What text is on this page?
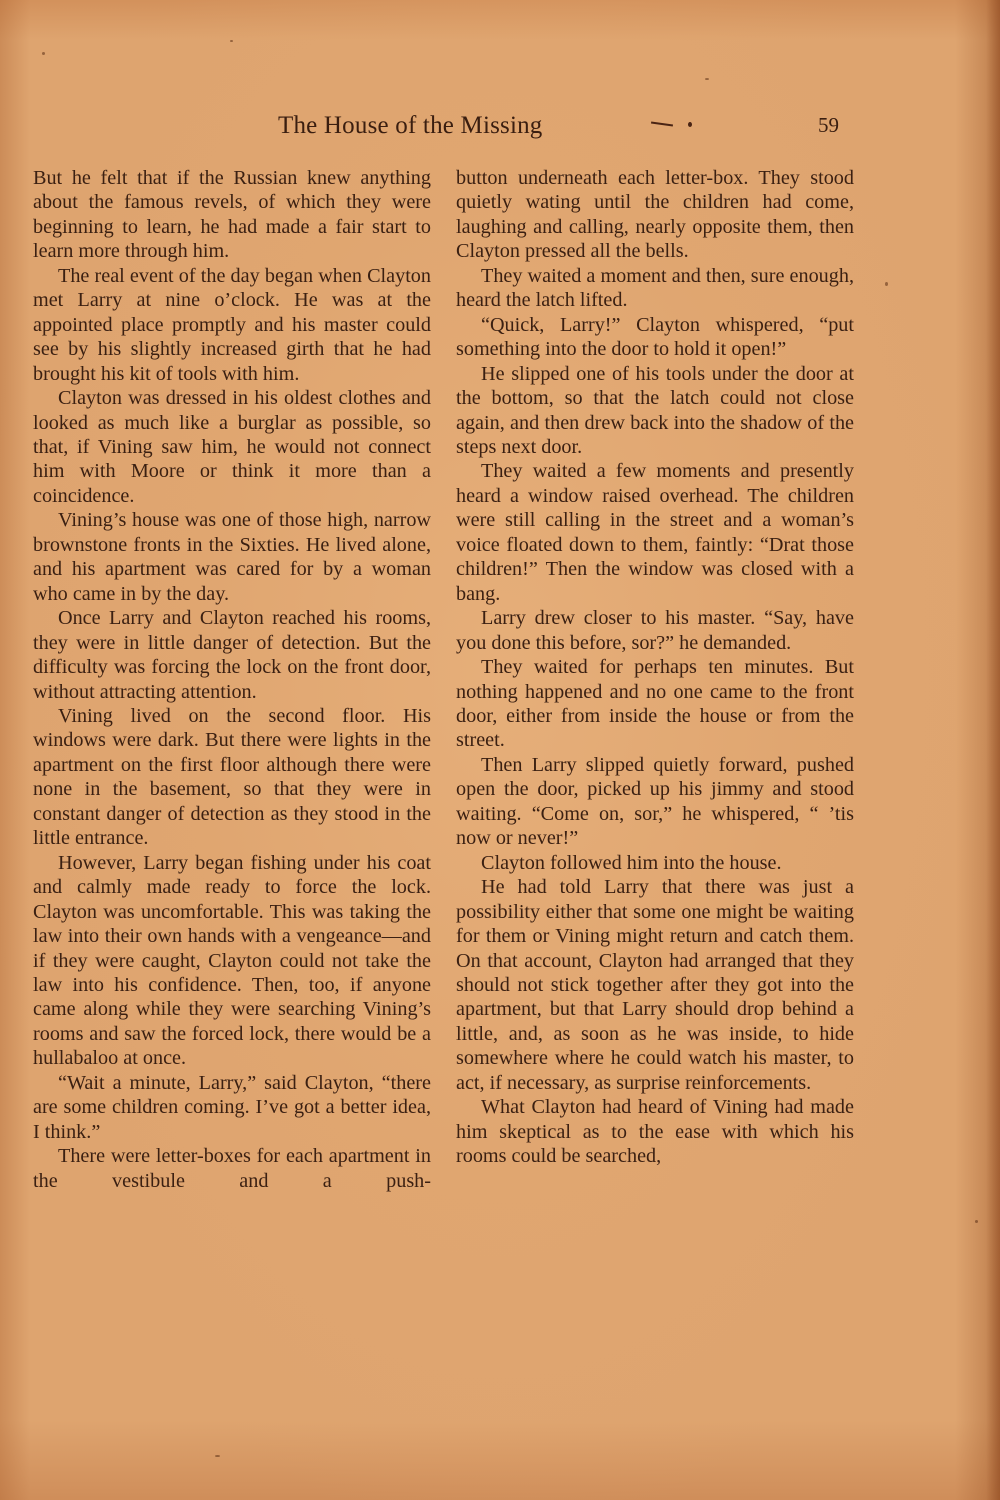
The House of the Missing	59

But he felt that if the Russian knew anything about the famous revels, of which they were beginning to learn, he had made a fair start to learn more through him.

The real event of the day began when Clayton met Larry at nine o’clock. He was at the appointed place promptly and his master could see by his slightly increased girth that he had brought his kit of tools with him.

Clayton was dressed in his oldest clothes and looked as much like a burglar as possible, so that, if Vining saw him, he would not connect him with Moore or think it more than a coincidence.

Vining’s house was one of those high, narrow brownstone fronts in the Sixties. He lived alone, and his apartment was cared for by a woman who came in by the day.

Once Larry and Clayton reached his rooms, they were in little danger of detection. But the difficulty was forcing the lock on the front door, without attracting attention.

Vining lived on the second floor. His windows were dark. But there were lights in the apartment on the first floor although there were none in the basement, so that they were in constant danger of detection as they stood in the little entrance.

However, Larry began fishing under his coat and calmly made ready to force the lock. Clayton was uncomfortable. This was taking the law into their own hands with a vengeance—and if they were caught, Clayton could not take the law into his confidence. Then, too, if anyone came along while they were searching Vining’s rooms and saw the forced lock, there would be a hullabaloo at once.

“Wait a minute, Larry,” said Clayton, “there are some children coming. I’ve got a better idea, I think.”

There were letter-boxes for each apartment in the vestibule and a push-

button underneath each letter-box. They stood quietly wating until the children had come, laughing and calling, nearly opposite them, then Clayton pressed all the bells.

They waited a moment and then, sure enough, heard the latch lifted.

“Quick, Larry!” Clayton whispered, “put something into the door to hold it open!”

He slipped one of his tools under the door at the bottom, so that the latch could not close again, and then drew back into the shadow of the steps next door.

They waited a few moments and presently heard a window raised overhead. The children were still calling in the street and a woman’s voice floated down to them, faintly: “Drat those children!” Then the window was closed with a bang.

Larry drew closer to his master. “Say, have you done this before, sor?” he demanded.

They waited for perhaps ten minutes. But nothing happened and no one came to the front door, either from inside the house or from the street.

Then Larry slipped quietly forward, pushed open the door, picked up his jimmy and stood waiting. “Come on, sor,” he whispered, “ ’tis now or never!”

Clayton followed him into the house.

He had told Larry that there was just a possibility either that some one might be waiting for them or Vining might return and catch them. On that account, Clayton had arranged that they should not stick together after they got into the apartment, but that Larry should drop behind a little, and, as soon as he was inside, to hide somewhere where he could watch his master, to act, if necessary, as surprise reinforcements.

What Clayton had heard of Vining had made him skeptical as to the ease with which his rooms could be searched,
